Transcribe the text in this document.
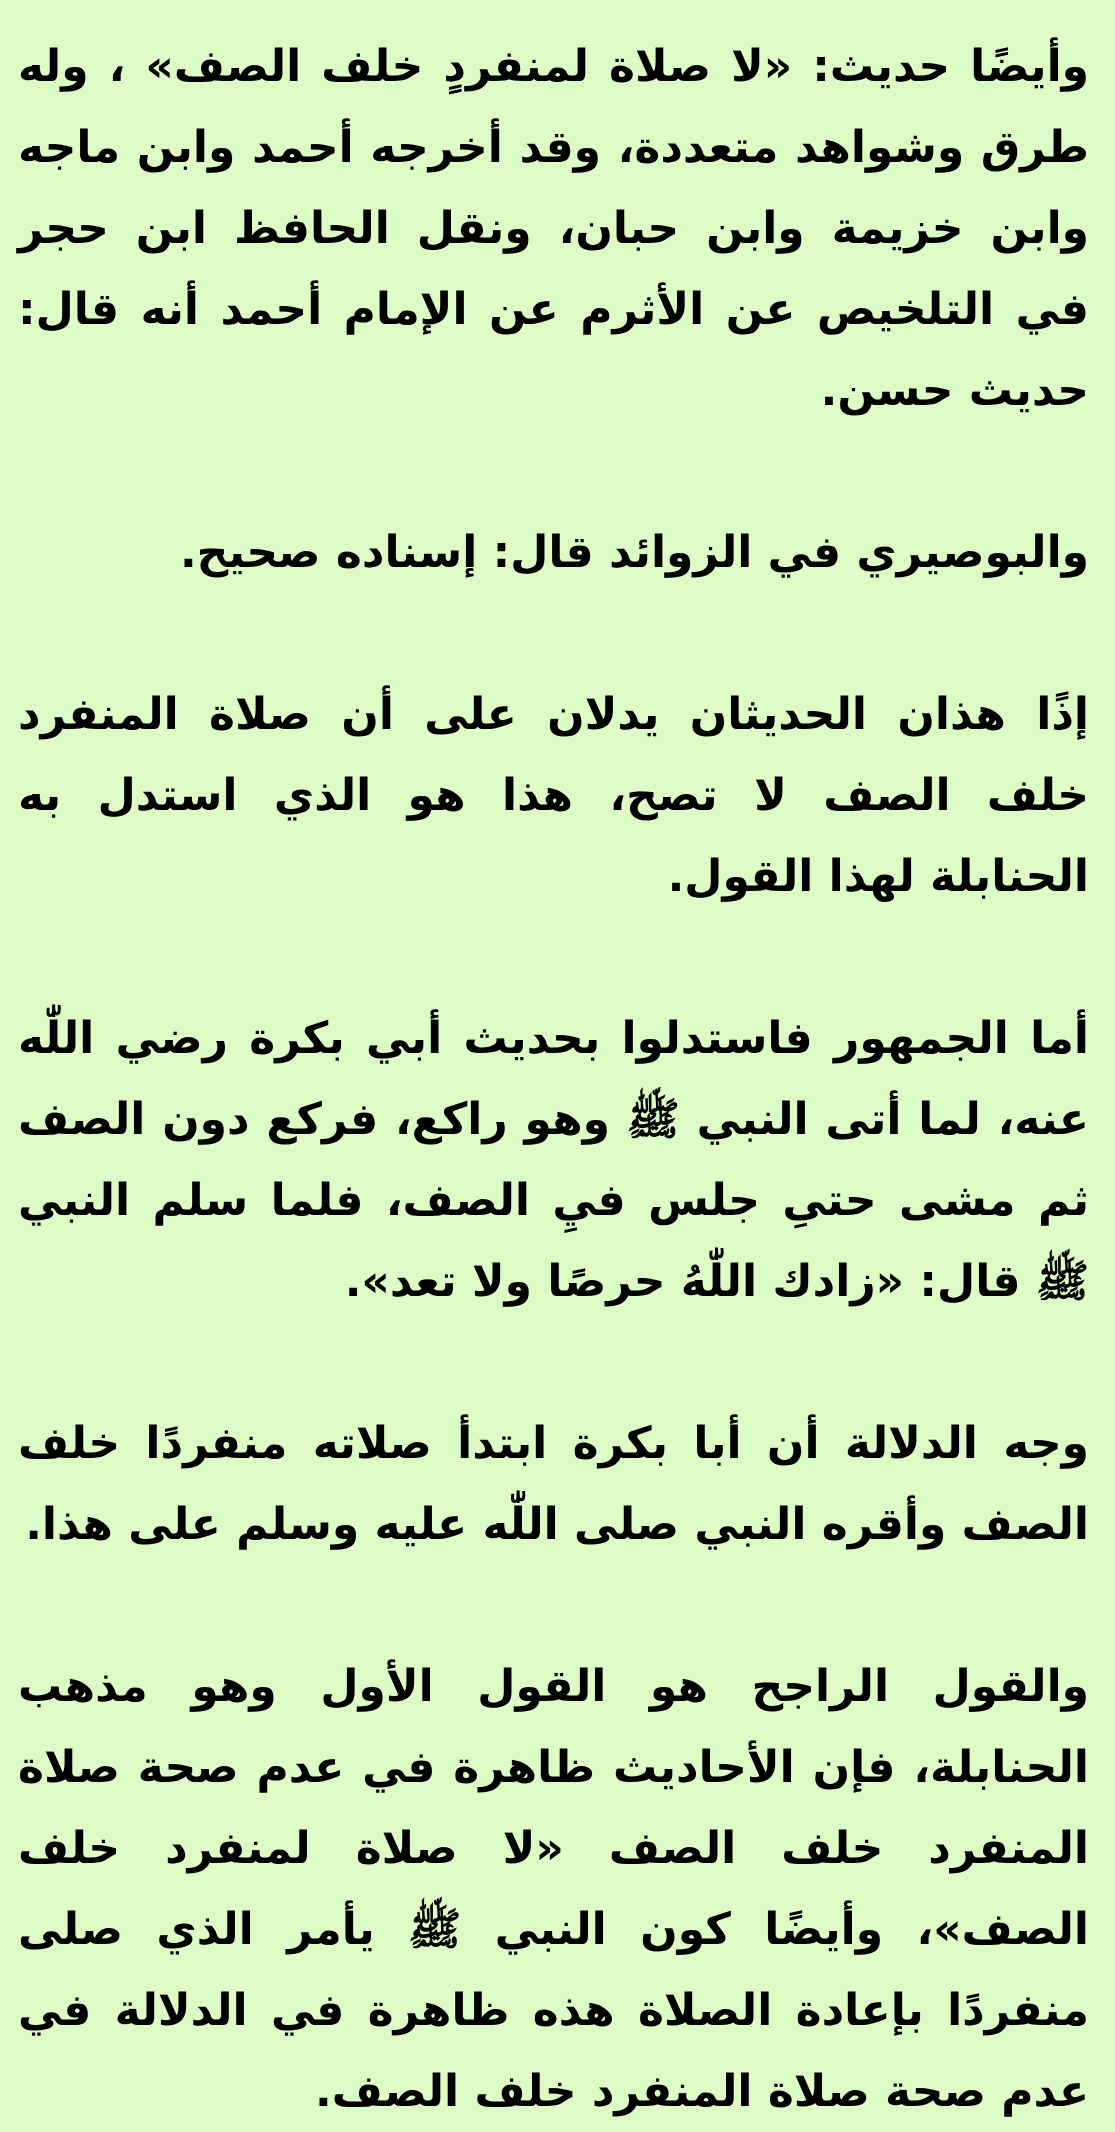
وأيضًا حديث: «لا صلاة لمنفردٍ خلف الصف» ، وله طرق وشواهد متعددة، وقد أخرجه أحمد وابن ماجه وابن خزيمة وابن حبان، ونقل الحافظ ابن حجر في التلخيص عن الأثرم عن الإمام أحمد أنه قال: حديث حسن.

والبوصيري في الزوائد قال: إسناده صحيح.

إذًا هذان الحديثان يدلان على أن صلاة المنفرد خلف الصف لا تصح، هذا هو الذي استدل به الحنابلة لهذا القول.

أما الجمهور فاستدلوا بحديث أبي بكرة رضي اللّٰه عنه، لما أتى النبي ﷺ وهو راكع، فركع دون الصف ثم مشى حتىِ جلس فيِ الصف، فلما سلم النبي ﷺ قال: «زادك اللّٰهُ حرصًا ولا تعد».

وجه الدلالة أن أبا بكرة ابتدأ صلاته منفردًا خلف الصف وأقره النبي صلى اللّٰه عليه وسلم على هذا.

والقول الراجح هو القول الأول وهو مذهب الحنابلة، فإن الأحاديث ظاهرة في عدم صحة صلاة المنفرد خلف الصف «لا صلاة لمنفرد خلف الصف»، وأيضًا كون النبي ﷺ يأمر الذي صلى منفردًا بإعادة الصلاة هذه ظاهرة في الدلالة في عدم صحة صلاة المنفرد خلف الصف.
